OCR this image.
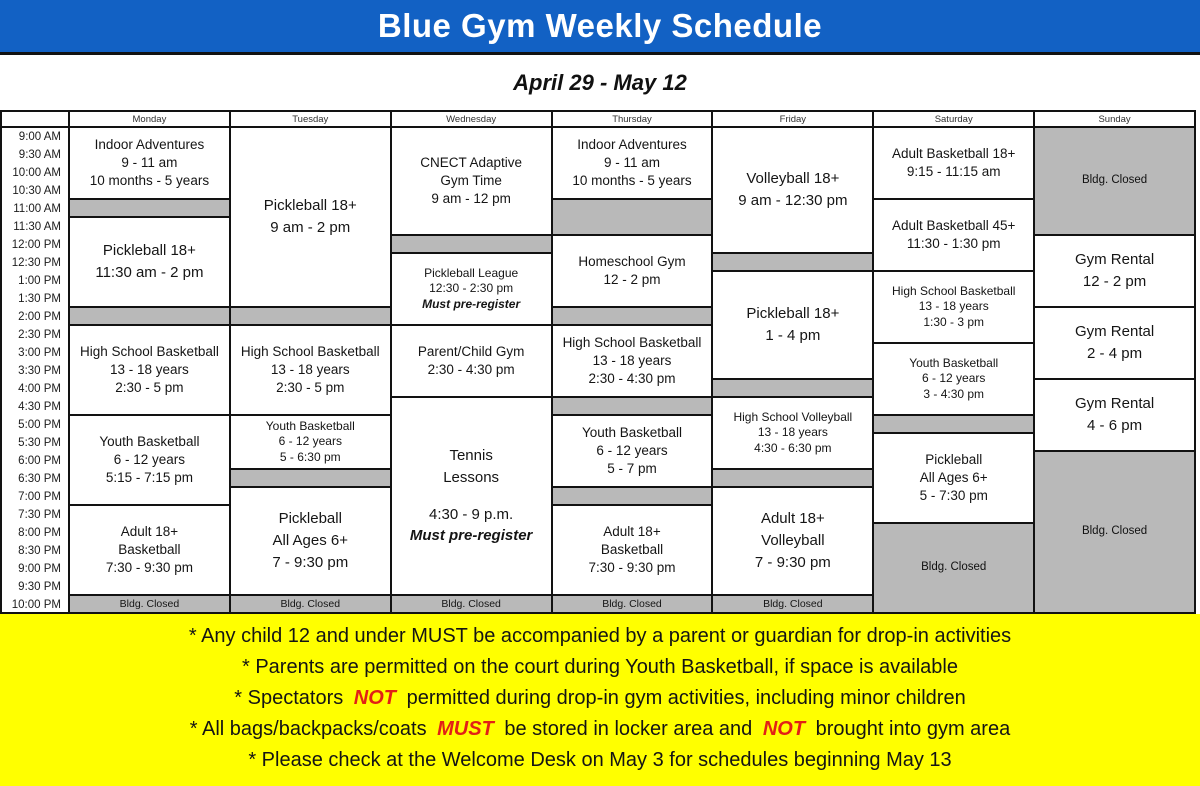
Blue Gym Weekly Schedule
April 29 - May 12
9:00 AM
9:30 AM
10:00 AM
10:30 AM
11:00 AM
11:30 AM
12:00 PM
12:30 PM
1:00 PM
1:30 PM
2:00 PM
2:30 PM
3:00 PM
3:30 PM
4:00 PM
4:30 PM
5:00 PM
5:30 PM
6:00 PM
6:30 PM
7:00 PM
7:30 PM
8:00 PM
8:30 PM
9:00 PM
9:30 PM
10:00 PM
Monday
Indoor Adventures
9 - 11 am
10 months - 5 years
Pickleball 18+
11:30 am - 2 pm
High School Basketball
13 - 18 years
2:30 - 5 pm
Youth Basketball
6 - 12 years
5:15 - 7:15 pm
Adult 18+
Basketball
7:30 - 9:30 pm
Bldg. Closed
Tuesday
Pickleball 18+
9 am - 2 pm
High School Basketball
13 - 18 years
2:30 - 5 pm
Youth Basketball
6 - 12 years
5 - 6:30 pm
Pickleball
All Ages 6+
7 - 9:30 pm
Bldg. Closed
Wednesday
CNECT Adaptive
Gym Time
9 am - 12 pm
Pickleball League
12:30 - 2:30 pm
Must pre-register
Parent/Child Gym
2:30 - 4:30 pm
Tennis
Lessons
4:30 - 9 p.m.
Must pre-register
Bldg. Closed
Thursday
Indoor Adventures
9 - 11 am
10 months - 5 years
Homeschool Gym
12 - 2 pm
High School Basketball
13 - 18 years
2:30 - 4:30 pm
Youth Basketball
6 - 12 years
5 - 7 pm
Adult 18+
Basketball
7:30 - 9:30 pm
Bldg. Closed
Friday
Volleyball 18+
9 am - 12:30 pm
Pickleball 18+
1 - 4 pm
High School Volleyball
13 - 18 years
4:30 - 6:30 pm
Adult 18+
Volleyball
7 - 9:30 pm
Bldg. Closed
Saturday
Adult Basketball 18+
9:15 - 11:15 am
Adult Basketball 45+
11:30 - 1:30 pm
High School Basketball
13 - 18 years
1:30 - 3 pm
Youth Basketball
6 - 12 years
3 - 4:30 pm
Pickleball
All Ages 6+
5 - 7:30 pm
Bldg. Closed
Sunday
Bldg. Closed
Gym Rental
12 - 2 pm
Gym Rental
2 - 4 pm
Gym Rental
4 - 6 pm
Bldg. Closed
* Any child 12 and under MUST be accompanied by a parent or guardian for drop-in activities
* Parents are permitted on the court during Youth Basketball, if space is available
* Spectators NOT permitted during drop-in gym activities, including minor children
* All bags/backpacks/coats MUST be stored in locker area and NOT brought into gym area
* Please check at the Welcome Desk on May 3 for schedules beginning May 13
